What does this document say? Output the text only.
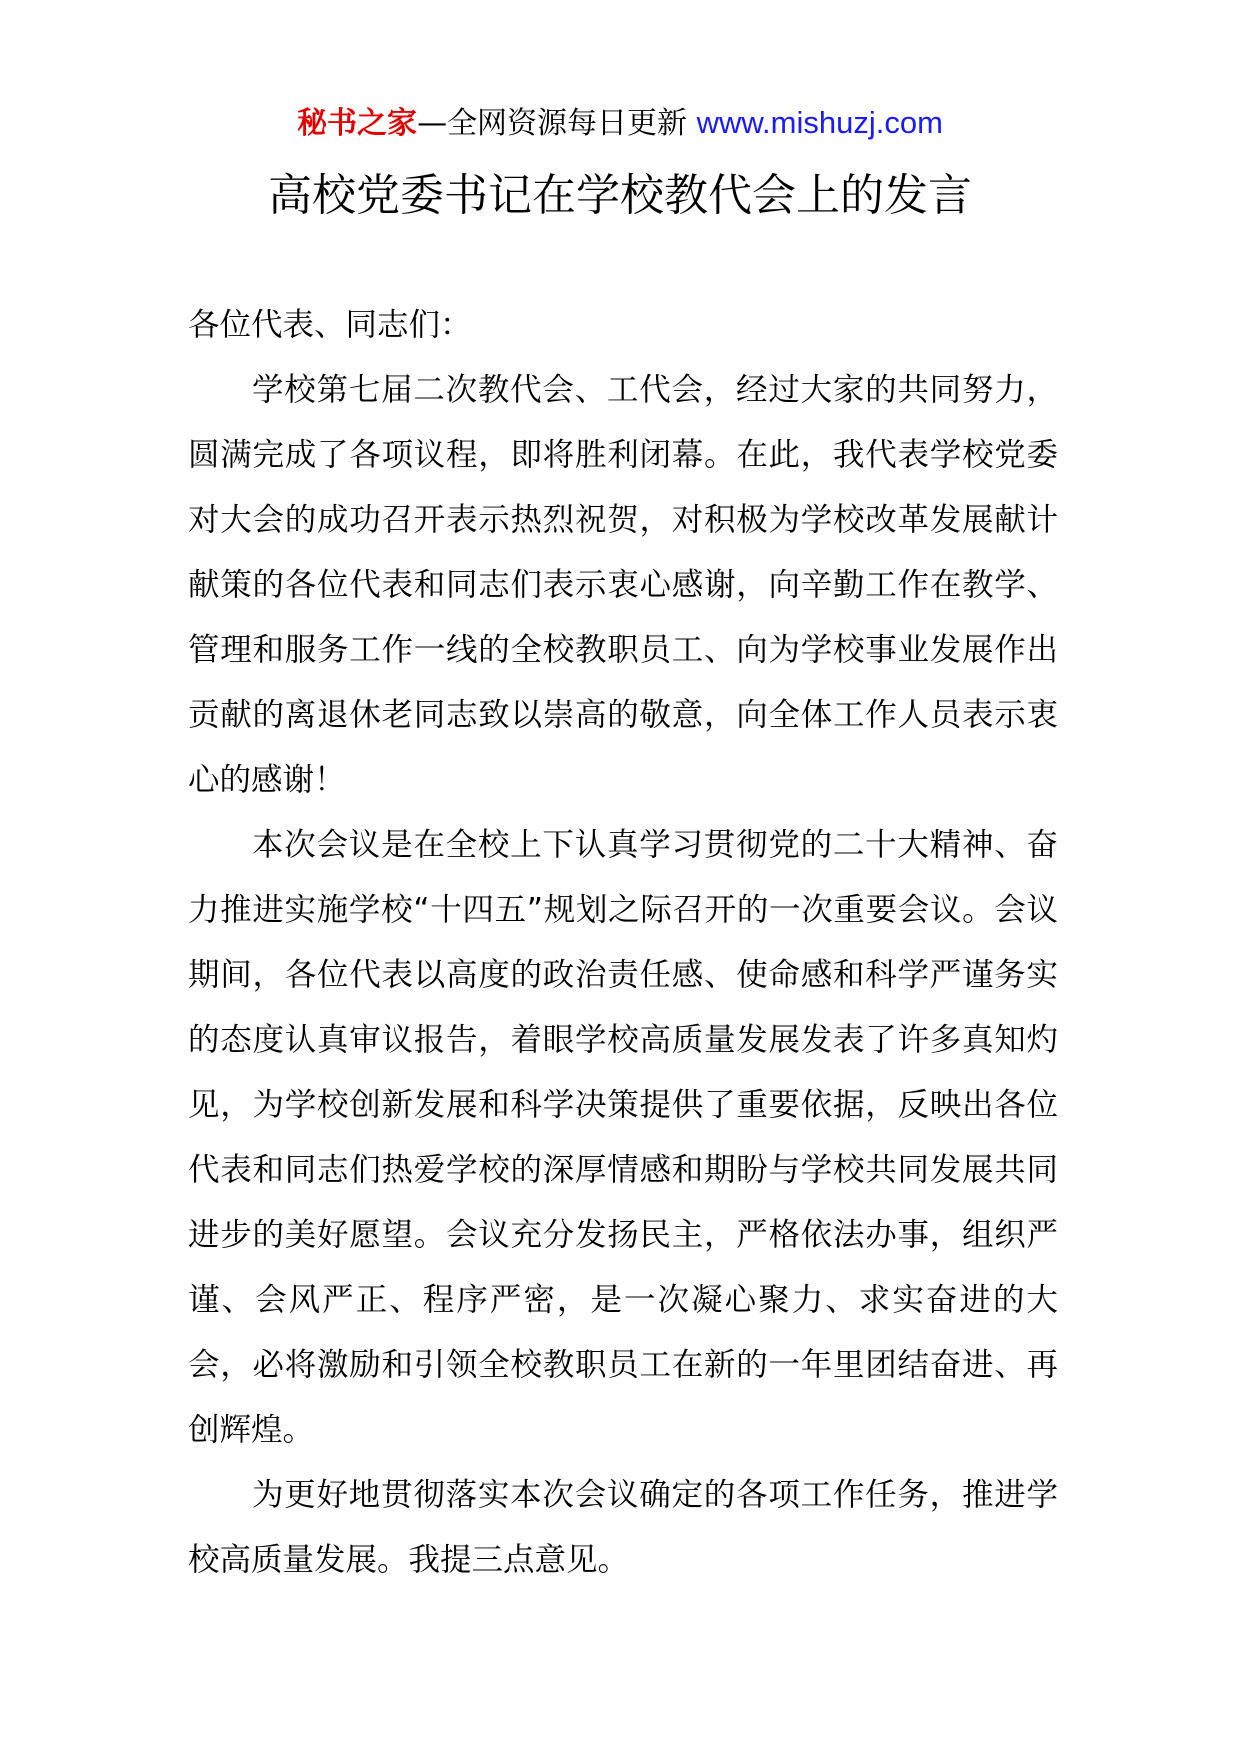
秘书之家—全网资源每日更新 www.mishuzj.com
高校党委书记在学校教代会上的发言

各位代表、同志们：

学校第七届二次教代会、工代会，经过大家的共同努力，圆满完成了各项议程，即将胜利闭幕。在此，我代表学校党委对大会的成功召开表示热烈祝贺，对积极为学校改革发展献计献策的各位代表和同志们表示衷心感谢，向辛勤工作在教学、管理和服务工作一线的全校教职员工、向为学校事业发展作出贡献的离退休老同志致以崇高的敬意，向全体工作人员表示衷心的感谢！

本次会议是在全校上下认真学习贯彻党的二十大精神、奋力推进实施学校“十四五”规划之际召开的一次重要会议。会议期间，各位代表以高度的政治责任感、使命感和科学严谨务实的态度认真审议报告，着眼学校高质量发展发表了许多真知灼见，为学校创新发展和科学决策提供了重要依据，反映出各位代表和同志们热爱学校的深厚情感和期盼与学校共同发展共同进步的美好愿望。会议充分发扬民主，严格依法办事，组织严谨、会风严正、程序严密，是一次凝心聚力、求实奋进的大会，必将激励和引领全校教职员工在新的一年里团结奋进、再创辉煌。

为更好地贯彻落实本次会议确定的各项工作任务，推进学校高质量发展。我提三点意见。
